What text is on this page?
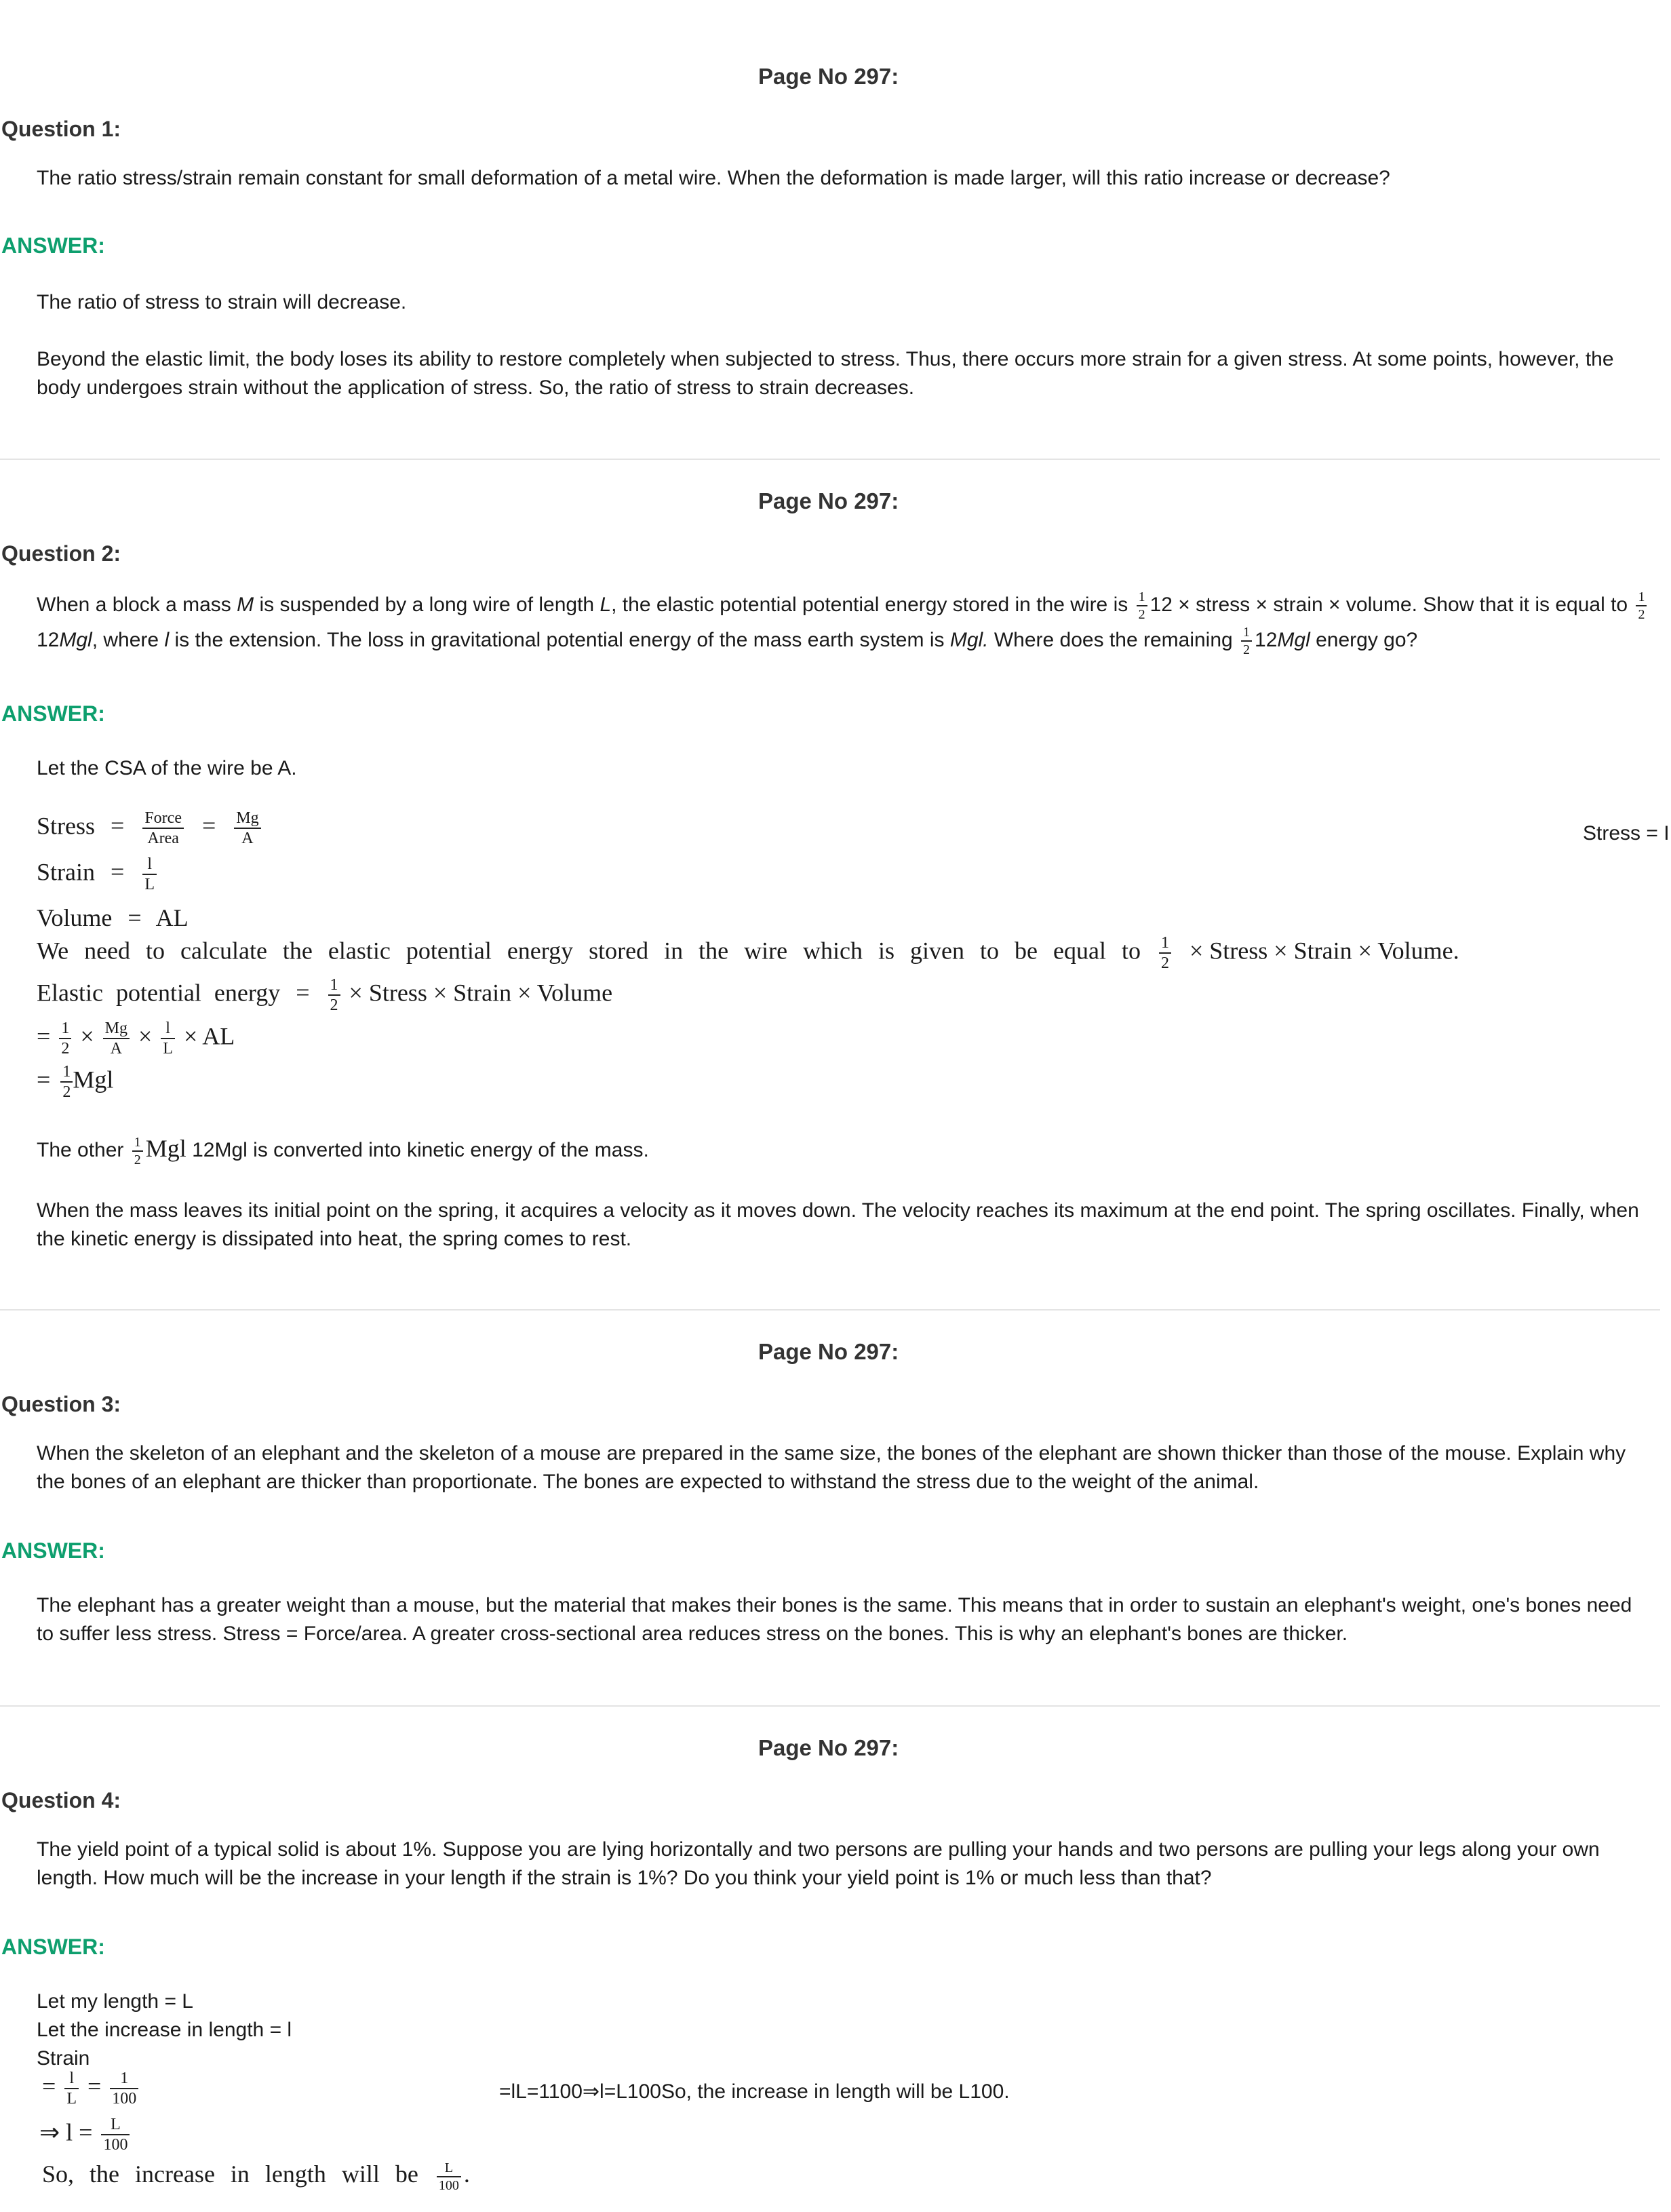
Page No 297:
Question 1:
The ratio stress/strain remain constant for small deformation of a metal wire. When the deformation is made larger, will this ratio increase or decrease?
ANSWER:
The ratio of stress to strain will decrease.
Beyond the elastic limit, the body loses its ability to restore completely when subjected to stress. Thus, there occurs more strain for a given stress. At some points, however, the body undergoes strain without the application of stress. So, the ratio of stress to strain decreases.
Page No 297:
Question 2:
When a block a mass M is suspended by a long wire of length L, the elastic potential potential energy stored in the wire is $\frac{1}{2} 12$ × stress × strain × volume. Show that it is equal to $\frac{1}{2}$
12Mgl, where l is the extension. The loss in gravitational potential energy of the mass earth system is Mgl. Where does the remaining $\frac{1}{2} 12Mgl$ energy go?
ANSWER:
Let the CSA of the wire be A.
Stress = $\frac{\text{Force}}{\text{Area}} = \frac{Mg}{A}$	Stress = I
Strain = $\frac{l}{L}$
Volume = AL
We need to calculate the elastic potential energy stored in the wire which is given to be equal to $\frac{1}{2}$ × Stress × Strain × Volume.
Elastic potential energy = $\frac{1}{2}$ × Stress × Strain × Volume
= $\frac{1}{2} \times \frac{Mg}{A} \times \frac{l}{L}$ × AL
= $\frac{1}{2}$ Mgl
The other $\frac{1}{2}$ Mgl 12Mgl is converted into kinetic energy of the mass.
When the mass leaves its initial point on the spring, it acquires a velocity as it moves down. The velocity reaches its maximum at the end point. The spring oscillates. Finally, when the kinetic energy is dissipated into heat, the spring comes to rest.
Page No 297:
Question 3:
When the skeleton of an elephant and the skeleton of a mouse are prepared in the same size, the bones of the elephant are shown thicker than those of the mouse. Explain why the bones of an elephant are thicker than proportionate. The bones are expected to withstand the stress due to the weight of the animal.
ANSWER:
The elephant has a greater weight than a mouse, but the material that makes their bones is the same. This means that in order to sustain an elephant's weight, one's bones need to suffer less stress. Stress = Force/area. A greater cross-sectional area reduces stress on the bones. This is why an elephant's bones are thicker.
Page No 297:
Question 4:
The yield point of a typical solid is about 1%. Suppose you are lying horizontally and two persons are pulling your hands and two persons are pulling your legs along your own length. How much will be the increase in your length if the strain is 1%? Do you think your yield point is 1% or much less than that?
ANSWER:
Let my length = L
Let the increase in length = l
Strain
= $\frac{l}{L} = \frac{1}{100}$	=lL=1100⇒l=L100So, the increase in length will be L100.
⇒ $l = \frac{L}{100}$
So, the increase in length will be $\frac{L}{100}$ .
